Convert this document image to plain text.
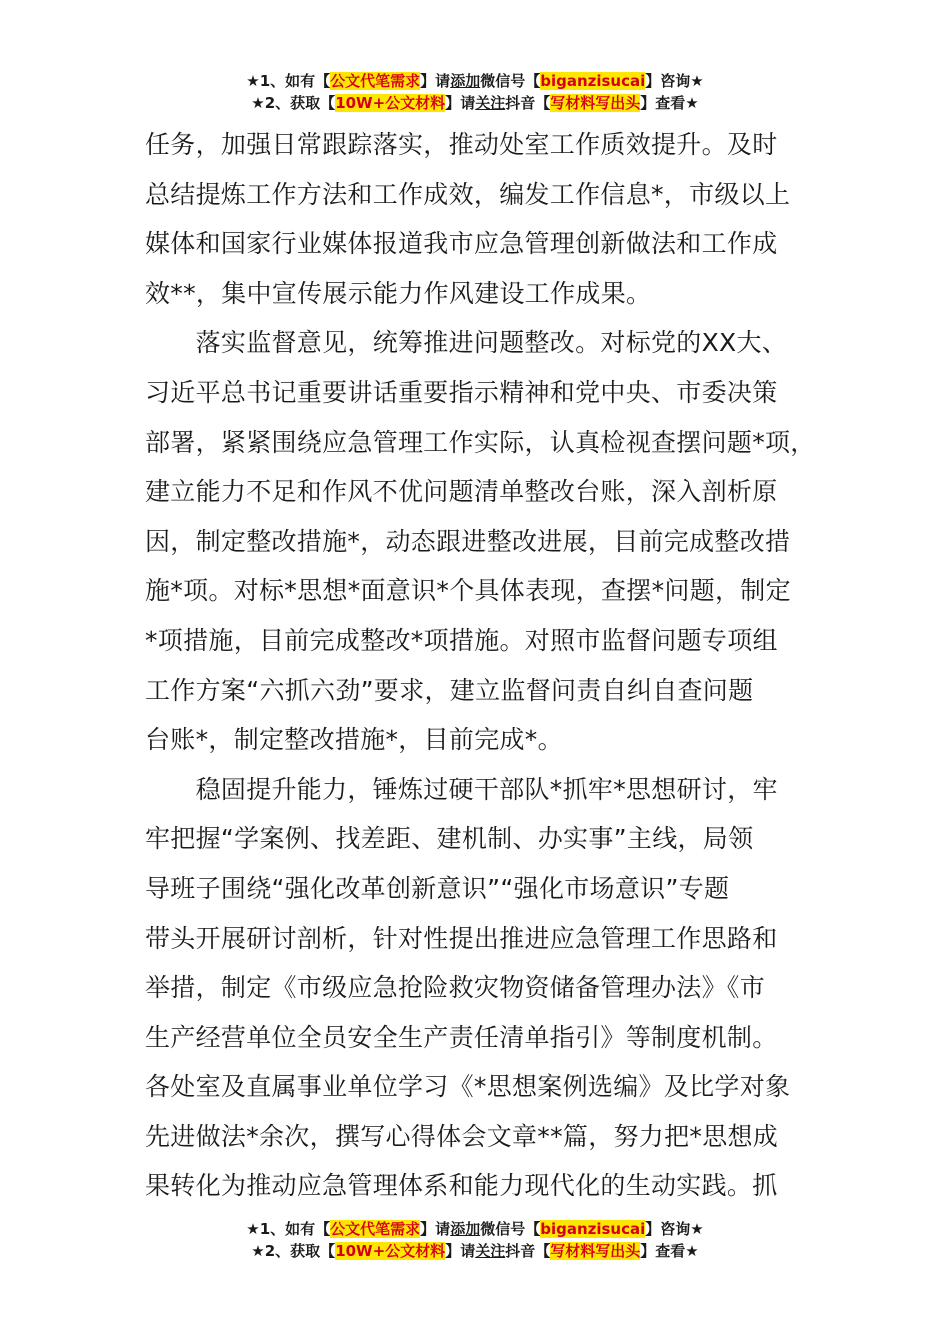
★1、如有【公文代笔需求】请添加微信号【biganzisucai】咨询★
★2、获取【10W+公文材料】请关注抖音【写材料写出头】查看★
任务，加强日常跟踪落实，推动处室工作质效提升。及时
总结提炼工作方法和工作成效，编发工作信息*，市级以上
媒体和国家行业媒体报道我市应急管理创新做法和工作成
效**，集中宣传展示能力作风建设工作成果。
　　落实监督意见，统筹推进问题整改。对标党的XX大、
习近平总书记重要讲话重要指示精神和党中央、市委决策
部署，紧紧围绕应急管理工作实际，认真检视查摆问题*项，
建立能力不足和作风不优问题清单整改台账，深入剖析原
因，制定整改措施*，动态跟进整改进展，目前完成整改措
施*项。对标*思想*面意识*个具体表现，查摆*问题，制定
*项措施，目前完成整改*项措施。对照市监督问题专项组
工作方案“六抓六劲”要求，建立监督问责自纠自查问题
台账*，制定整改措施*，目前完成*。
　　稳固提升能力，锤炼过硬干部队*抓牢*思想研讨，牢
牢把握“学案例、找差距、建机制、办实事”主线，局领
导班子围绕“强化改革创新意识”“强化市场意识”专题
带头开展研讨剖析，针对性提出推进应急管理工作思路和
举措，制定《市级应急抢险救灾物资储备管理办法》《市
生产经营单位全员安全生产责任清单指引》等制度机制。
各处室及直属事业单位学习《*思想案例选编》及比学对象
先进做法*余次，撰写心得体会文章**篇，努力把*思想成
果转化为推动应急管理体系和能力现代化的生动实践。抓
★1、如有【公文代笔需求】请添加微信号【biganzisucai】咨询★
★2、获取【10W+公文材料】请关注抖音【写材料写出头】查看★
